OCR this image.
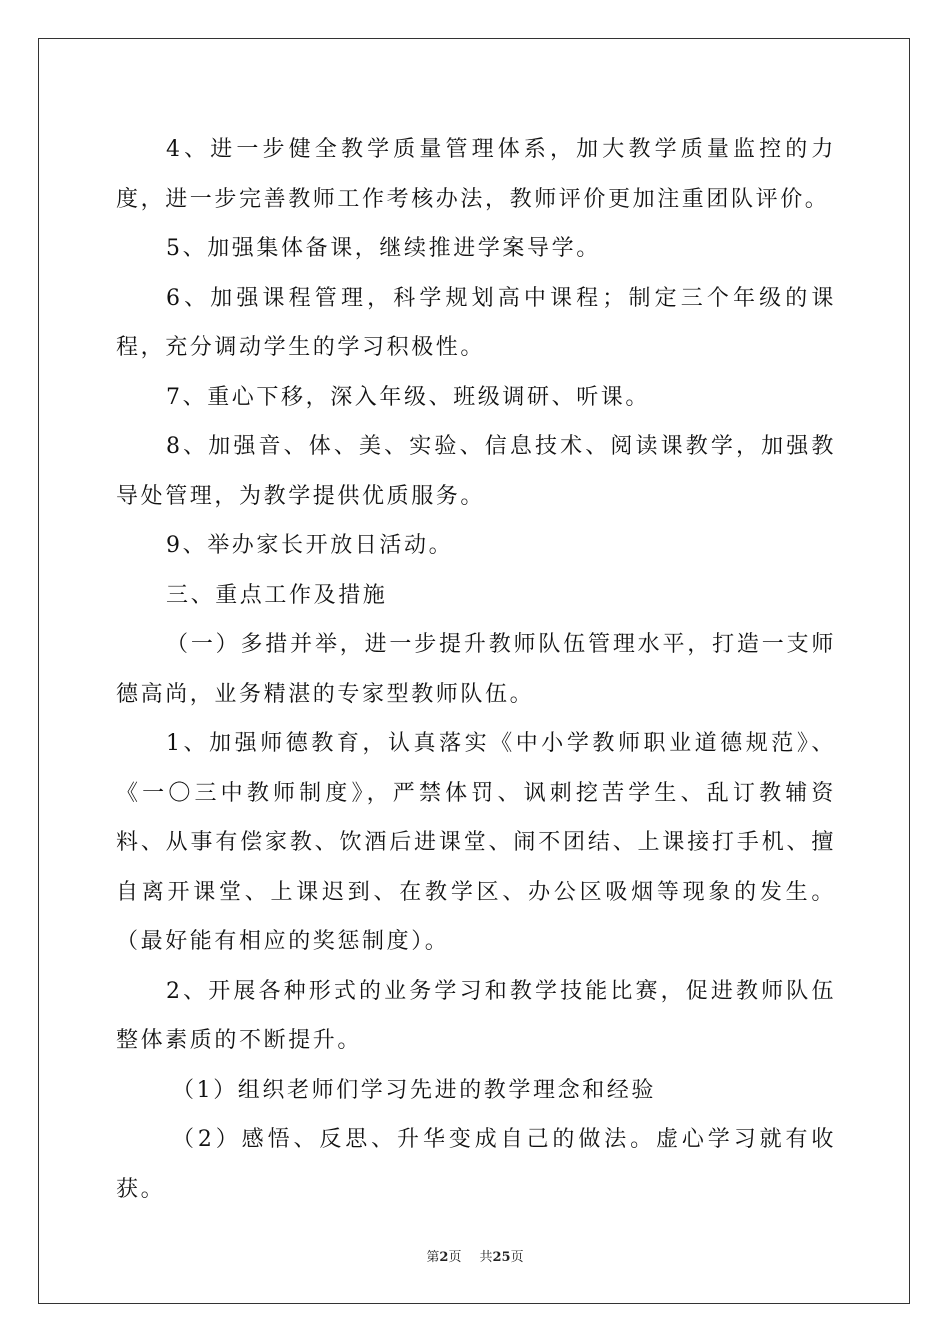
4、进一步健全教学质量管理体系，加大教学质量监控的力度，进一步完善教师工作考核办法，教师评价更加注重团队评价。

5、加强集体备课，继续推进学案导学。

6、加强课程管理，科学规划高中课程；制定三个年级的课程，充分调动学生的学习积极性。

7、重心下移，深入年级、班级调研、听课。

8、加强音、体、美、实验、信息技术、阅读课教学，加强教导处管理，为教学提供优质服务。

9、举办家长开放日活动。

三、重点工作及措施

（一）多措并举，进一步提升教师队伍管理水平，打造一支师德高尚，业务精湛的专家型教师队伍。

1、加强师德教育，认真落实《中小学教师职业道德规范》、《一〇三中教师制度》，严禁体罚、讽刺挖苦学生、乱订教辅资料、从事有偿家教、饮酒后进课堂、闹不团结、上课接打手机、擅自离开课堂、上课迟到、在教学区、办公区吸烟等现象的发生。（最好能有相应的奖惩制度）。

2、开展各种形式的业务学习和教学技能比赛，促进教师队伍整体素质的不断提升。

（1）组织老师们学习先进的教学理念和经验

（2）感悟、反思、升华变成自己的做法。虚心学习就有收获。

第2页 共25页
